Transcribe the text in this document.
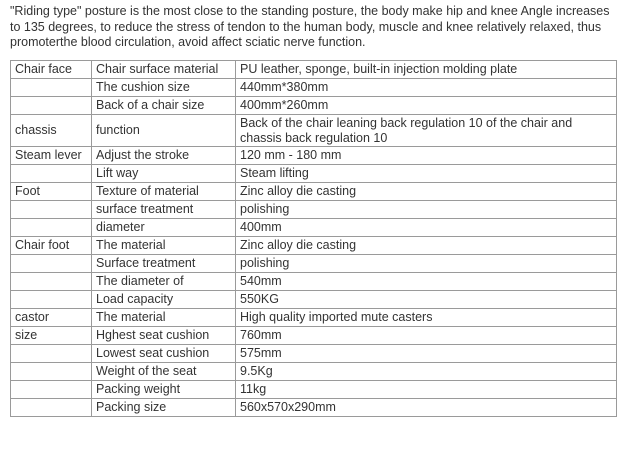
"Riding type" posture is the most close to the standing posture, the body make hip and knee Angle increases to 135 degrees, to reduce the stress of tendon to the human body, muscle and knee relatively relaxed, thus promoterthe blood circulation, avoid affect sciatic nerve function.

Chair face	Chair surface material	PU leather, sponge, built-in injection molding plate
	The cushion size	440mm*380mm
	Back of a chair size	400mm*260mm
chassis	function	Back of the chair leaning back regulation 10 of the chair and chassis back regulation 10
Steam lever	Adjust the stroke	120 mm - 180 mm
	Lift way	Steam lifting
Foot	Texture of material	Zinc alloy die casting
	surface treatment	polishing
	diameter	400mm
Chair foot	The material	Zinc alloy die casting
	Surface treatment	polishing
	The diameter of	540mm
	Load capacity	550KG
castor	The material	High quality imported mute casters
size	Hghest seat cushion	760mm
	Lowest seat cushion	575mm
	Weight of the seat	9.5Kg
	Packing weight	11kg
	Packing size	560x570x290mm
